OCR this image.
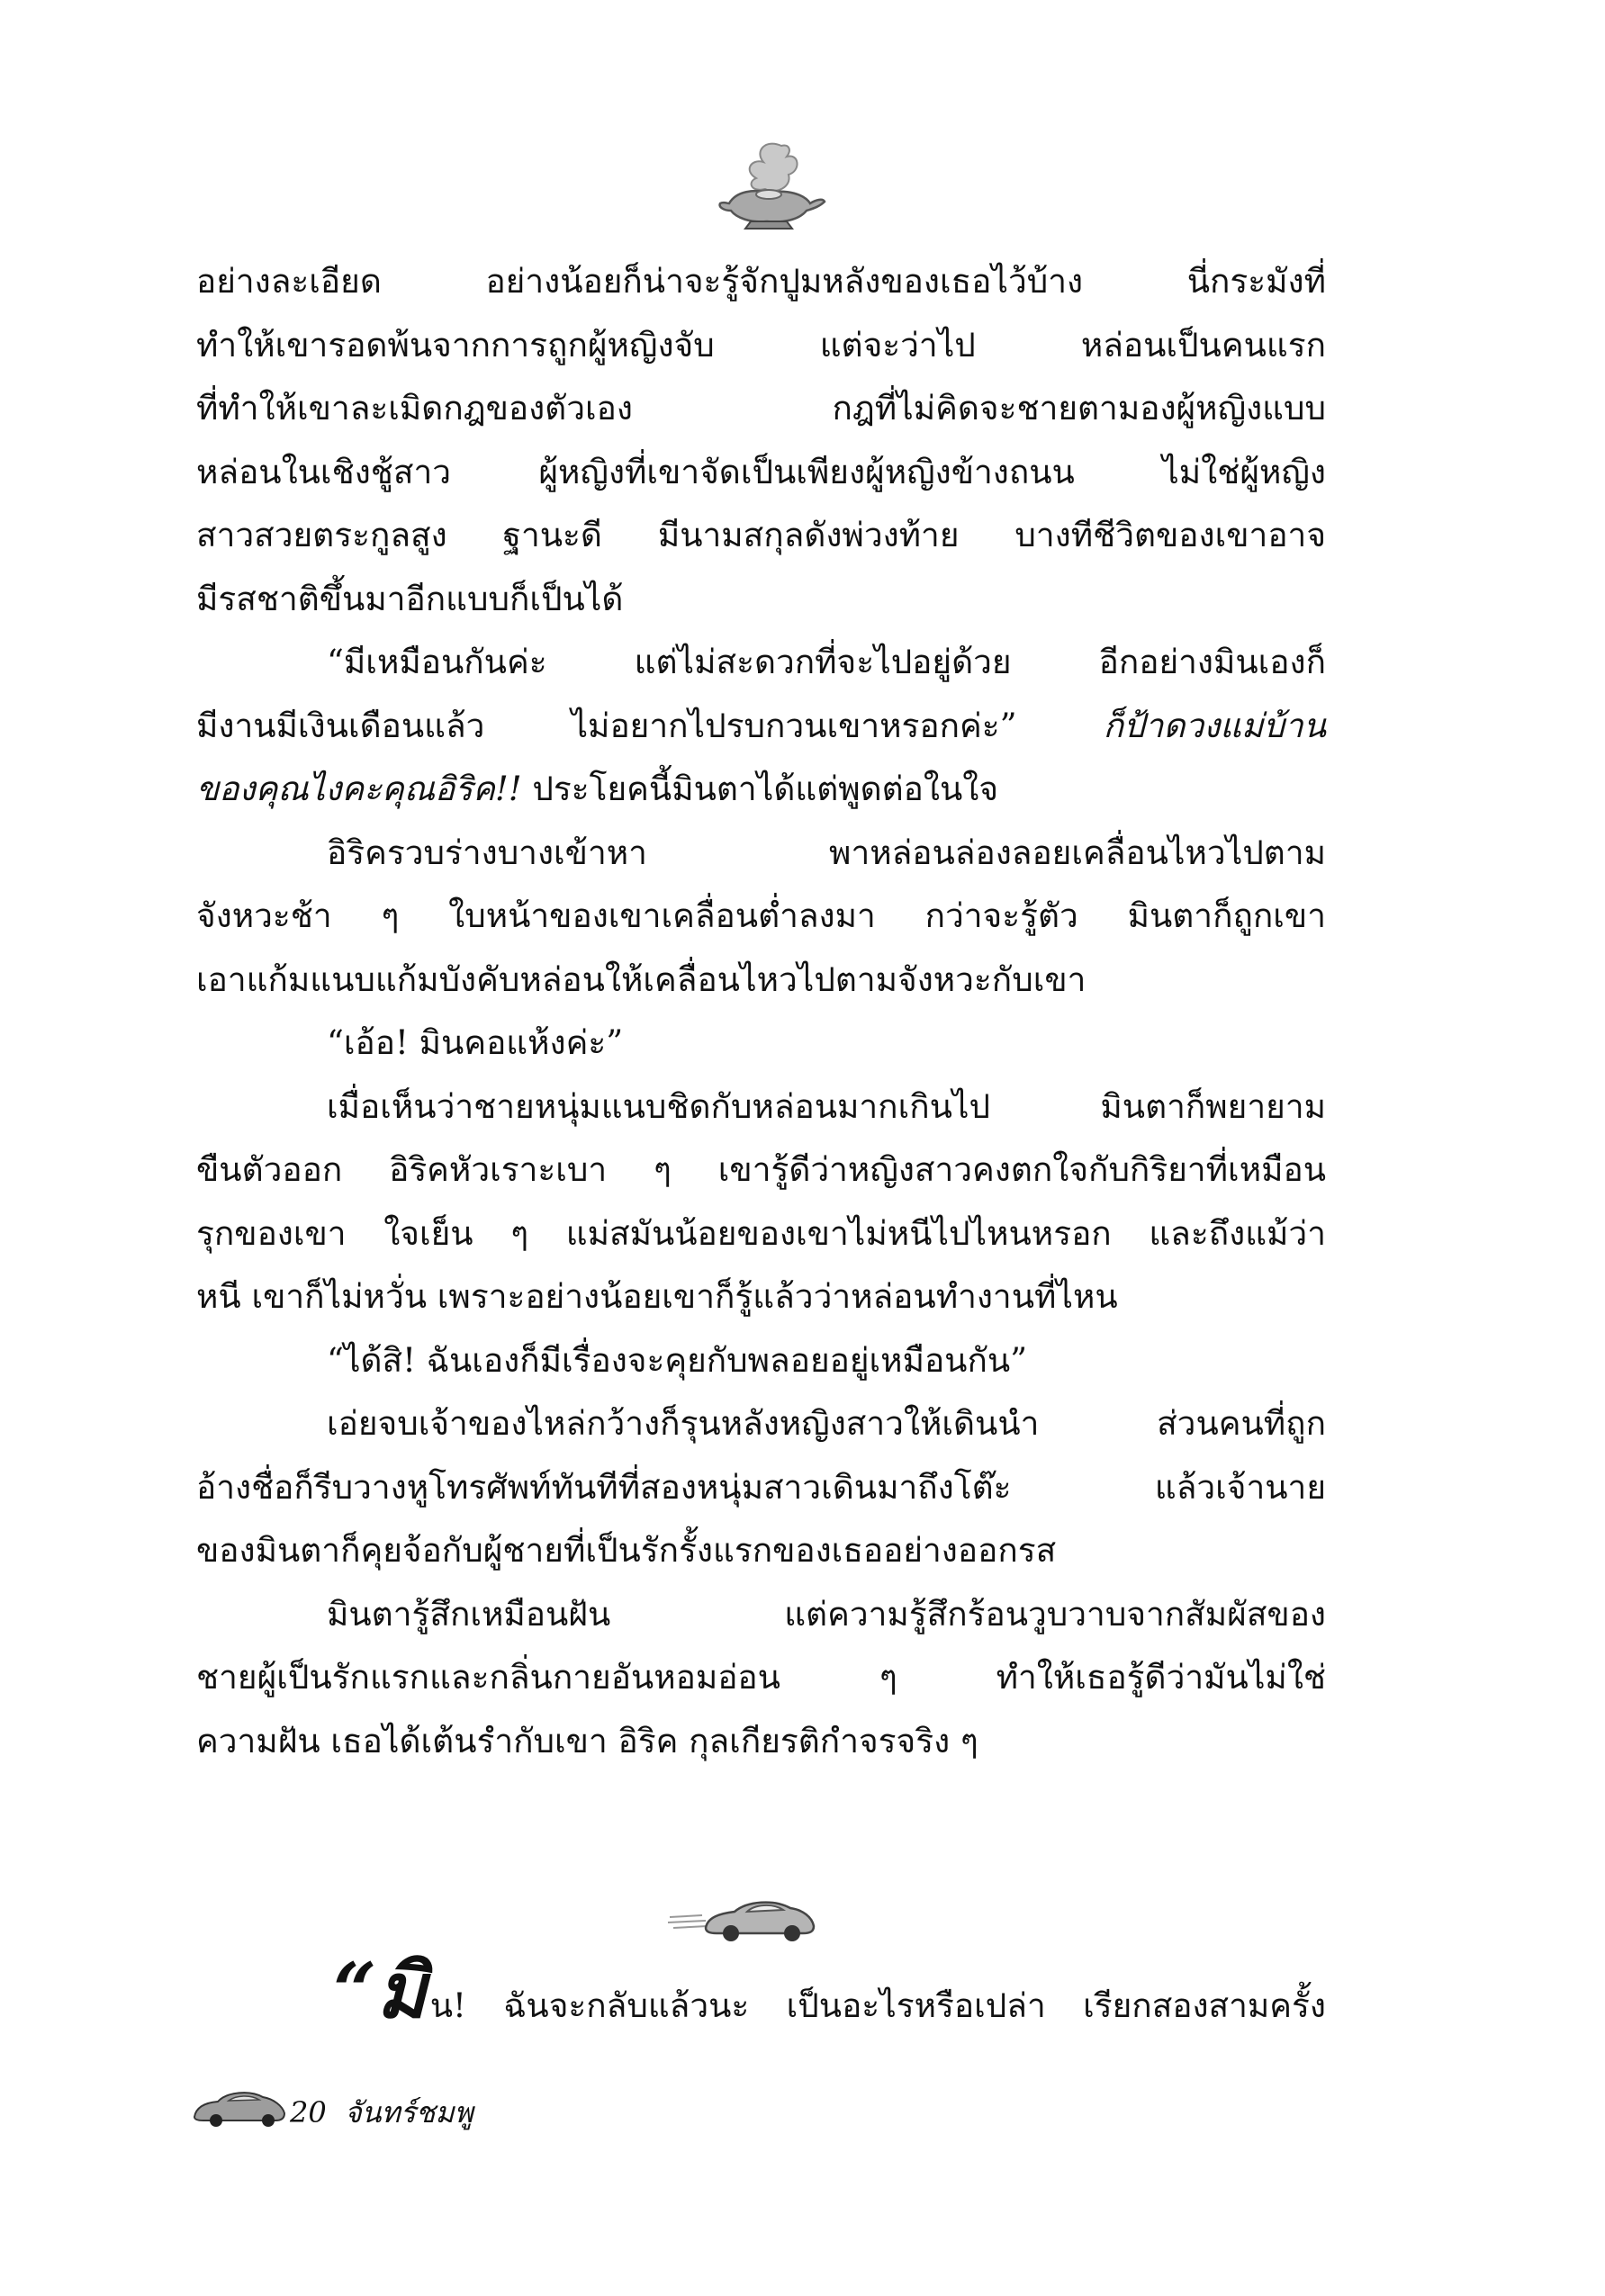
อย่างละเอียด อย่างน้อยก็น่าจะรู้จักปูมหลังของเธอไว้บ้าง นี่กระมังที่
ทำให้เขารอดพ้นจากการถูกผู้หญิงจับ แต่จะว่าไป หล่อนเป็นคนแรก
ที่ทำให้เขาละเมิดกฎของตัวเอง กฎที่ไม่คิดจะชายตามองผู้หญิงแบบ
หล่อนในเชิงชู้สาว ผู้หญิงที่เขาจัดเป็นเพียงผู้หญิงข้างถนน ไม่ใช่ผู้หญิง
สาวสวยตระกูลสูง ฐานะดี มีนามสกุลดังพ่วงท้าย บางทีชีวิตของเขาอาจ
มีรสชาติขึ้นมาอีกแบบก็เป็นได้
“มีเหมือนกันค่ะ แต่ไม่สะดวกที่จะไปอยู่ด้วย อีกอย่างมินเองก็
มีงานมีเงินเดือนแล้ว ไม่อยากไปรบกวนเขาหรอกค่ะ”	ก็ป้าดวงแม่บ้าน
ของคุณไงคะคุณอิริค!! ประโยคนี้มินตาได้แต่พูดต่อในใจ
อิริครวบร่างบางเข้าหา พาหล่อนล่องลอยเคลื่อนไหวไปตาม
จังหวะช้า ๆ ใบหน้าของเขาเคลื่อนต่ำลงมา กว่าจะรู้ตัว มินตาก็ถูกเขา
เอาแก้มแนบแก้มบังคับหล่อนให้เคลื่อนไหวไปตามจังหวะกับเขา
“เอ้อ! มินคอแห้งค่ะ”
เมื่อเห็นว่าชายหนุ่มแนบชิดกับหล่อนมากเกินไป มินตาก็พยายาม
ขืนตัวออก อิริคหัวเราะเบา ๆ เขารู้ดีว่าหญิงสาวคงตกใจกับกิริยาที่เหมือน
รุกของเขา ใจเย็น ๆ แม่สมันน้อยของเขาไม่หนีไปไหนหรอก และถึงแม้ว่า
หนี เขาก็ไม่หวั่น เพราะอย่างน้อยเขาก็รู้แล้วว่าหล่อนทำงานที่ไหน
“ได้สิ! ฉันเองก็มีเรื่องจะคุยกับพลอยอยู่เหมือนกัน”
เอ่ยจบเจ้าของไหล่กว้างก็รุนหลังหญิงสาวให้เดินนำ ส่วนคนที่ถูก
อ้างชื่อก็รีบวางหูโทรศัพท์ทันทีที่สองหนุ่มสาวเดินมาถึงโต๊ะ แล้วเจ้านาย
ของมินตาก็คุยจ้อกับผู้ชายที่เป็นรักรั้งแรกของเธออย่างออกรส
มินตารู้สึกเหมือนฝัน แต่ความรู้สึกร้อนวูบวาบจากสัมผัสของ
ชายผู้เป็นรักแรกและกลิ่นกายอันหอมอ่อน ๆ ทำให้เธอรู้ดีว่ามันไม่ใช่
ความฝัน เธอได้เต้นรำกับเขา อิริค กุลเกียรติกำจรจริง ๆ
“มิ น! ฉันจะกลับแล้วนะ เป็นอะไรหรือเปล่า เรียกสองสามครั้ง
20 จันทร์ชมพู
